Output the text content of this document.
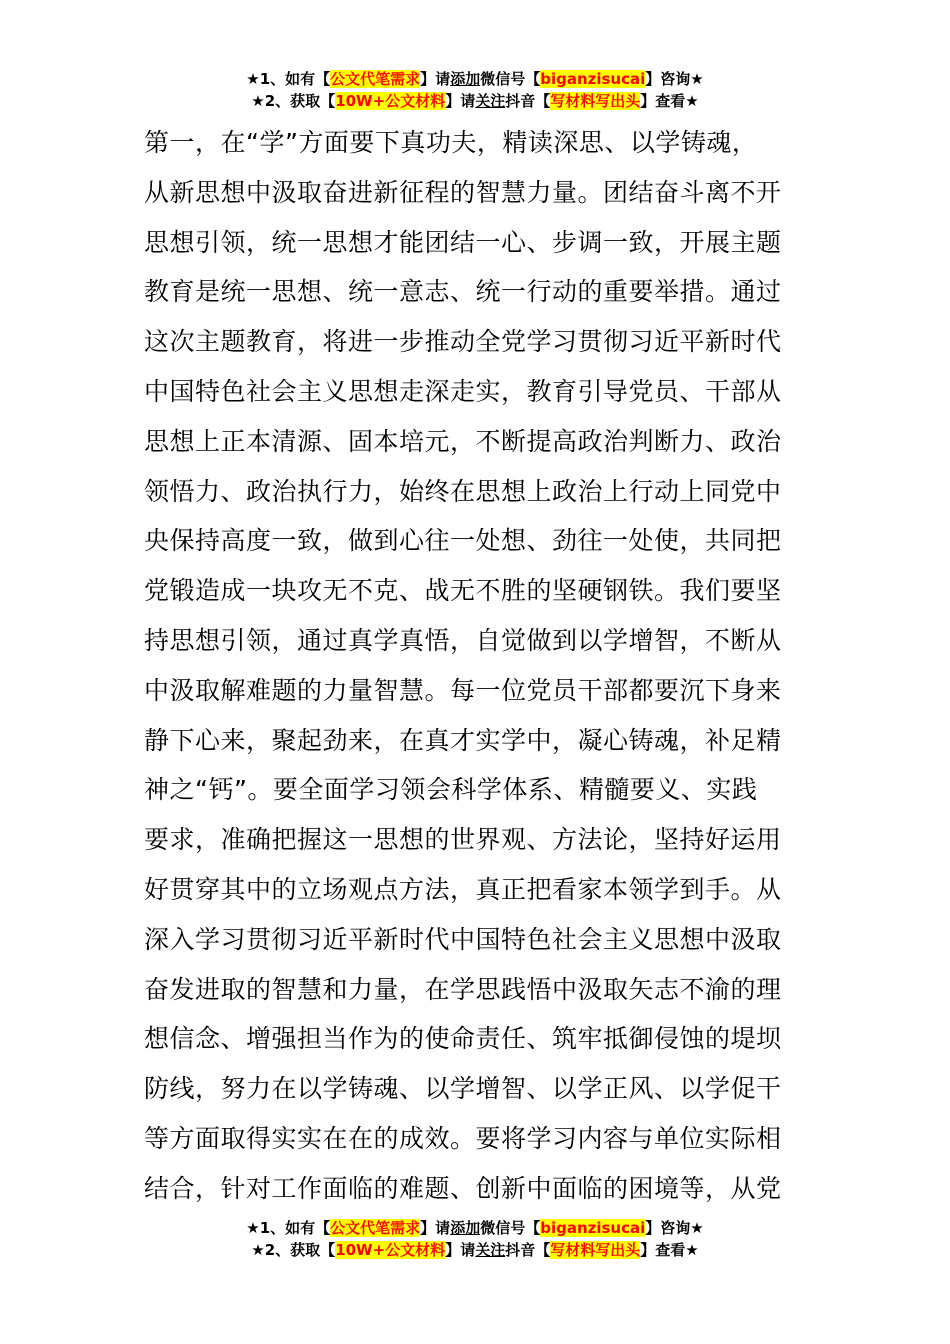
★1、如有【公文代笔需求】请添加微信号【biganzisucai】咨询★
★2、获取【10W+公文材料】请关注抖音【写材料写出头】查看★
第一，在“学”方面要下真功夫，精读深思、以学铸魂，
从新思想中汲取奋进新征程的智慧力量。团结奋斗离不开
思想引领，统一思想才能团结一心、步调一致，开展主题
教育是统一思想、统一意志、统一行动的重要举措。通过
这次主题教育，将进一步推动全党学习贯彻习近平新时代
中国特色社会主义思想走深走实，教育引导党员、干部从
思想上正本清源、固本培元，不断提高政治判断力、政治
领悟力、政治执行力，始终在思想上政治上行动上同党中
央保持高度一致，做到心往一处想、劲往一处使，共同把
党锻造成一块攻无不克、战无不胜的坚硬钢铁。我们要坚
持思想引领，通过真学真悟，自觉做到以学增智，不断从
中汲取解难题的力量智慧。每一位党员干部都要沉下身来
静下心来，聚起劲来，在真才实学中，凝心铸魂，补足精
神之“钙”。要全面学习领会科学体系、精髓要义、实践
要求，准确把握这一思想的世界观、方法论，坚持好运用
好贯穿其中的立场观点方法，真正把看家本领学到手。从
深入学习贯彻习近平新时代中国特色社会主义思想中汲取
奋发进取的智慧和力量，在学思践悟中汲取矢志不渝的理
想信念、增强担当作为的使命责任、筑牢抵御侵蚀的堤坝
防线，努力在以学铸魂、以学增智、以学正风、以学促干
等方面取得实实在在的成效。要将学习内容与单位实际相
结合，针对工作面临的难题、创新中面临的困境等，从党
★1、如有【公文代笔需求】请添加微信号【biganzisucai】咨询★
★2、获取【10W+公文材料】请关注抖音【写材料写出头】查看★
